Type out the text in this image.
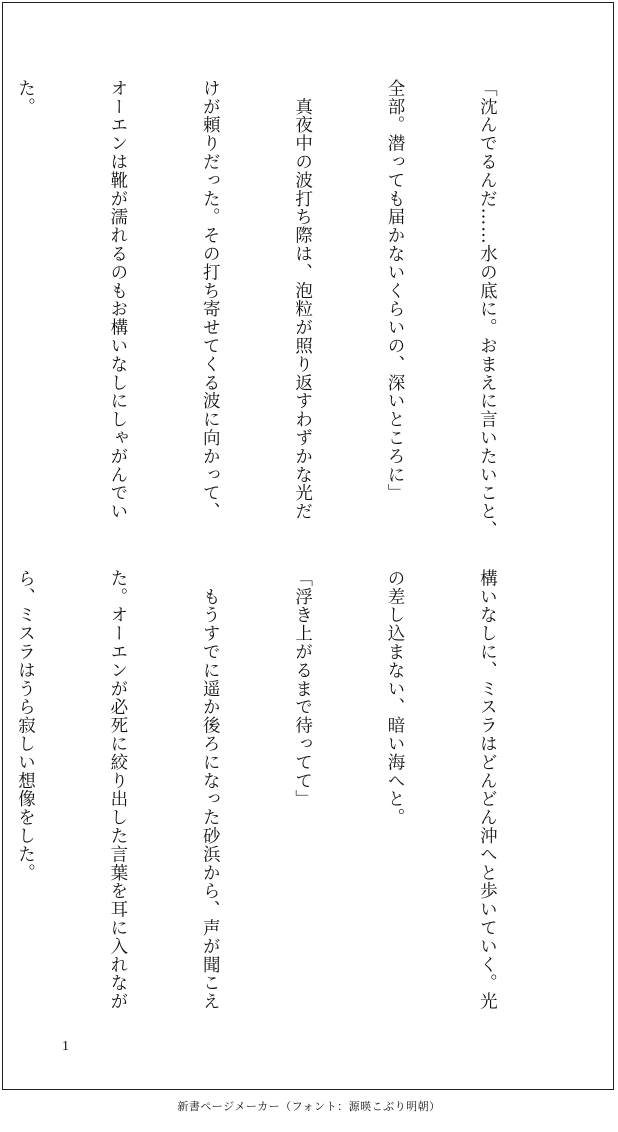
「沈んでるんだ……水の底に。おまえに言いたいこと、

全部。潜っても届かないくらいの、深いところに」

　真夜中の波打ち際は、泡粒が照り返すわずかな光だ

けが頼りだった。その打ち寄せてくる波に向かって、

オーエンは靴が濡れるのもお構いなしにしゃがんでい

た。

構いなしに、ミスラはどんどん沖へと歩いていく。光

の差し込まない、暗い海へと。

「浮き上がるまで待ってて」

　もうすでに遥か後ろになった砂浜から、声が聞こえ

た。オーエンが必死に絞り出した言葉を耳に入れなが

ら、ミスラはうら寂しい想像をした。

1
新書ページメーカー（フォント：源暎こぶり明朝）
